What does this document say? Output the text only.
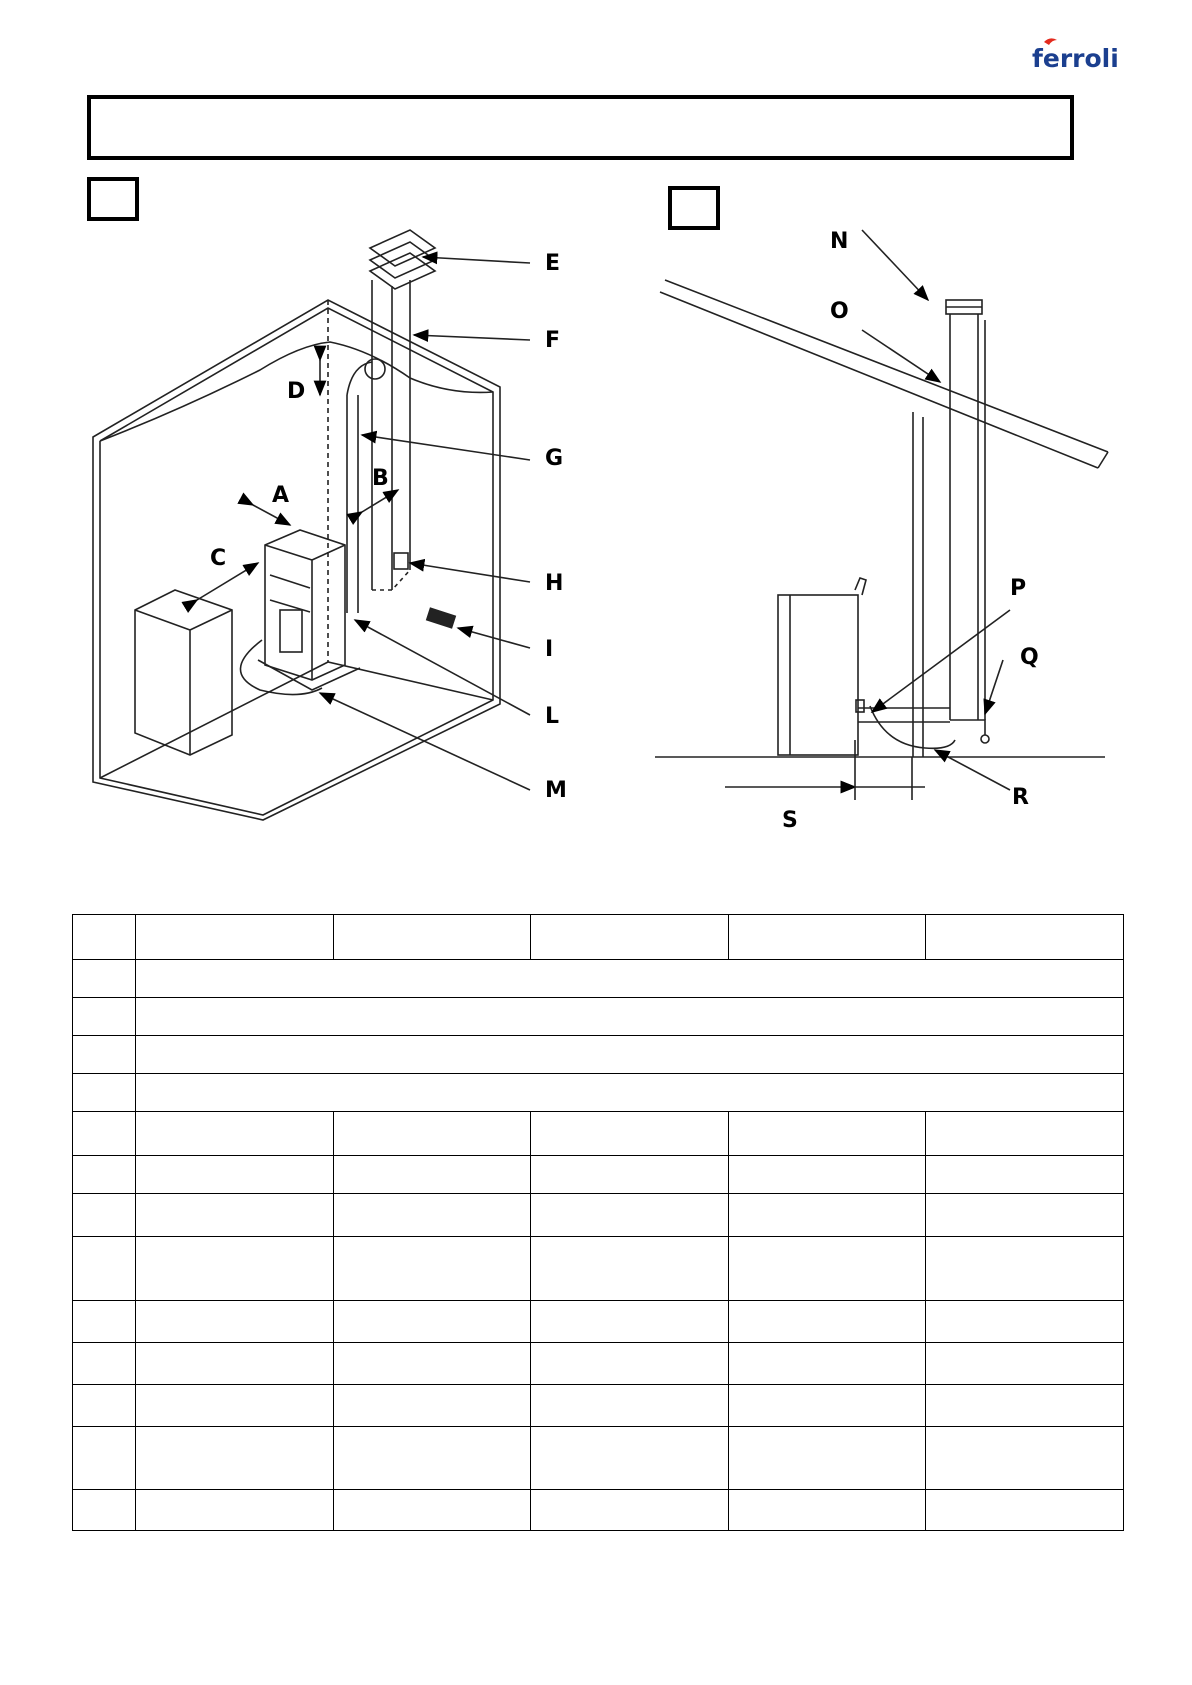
ferroli
A
B
C
D
E
F
G
H
I
L
M
N
O
P
Q
R
S
